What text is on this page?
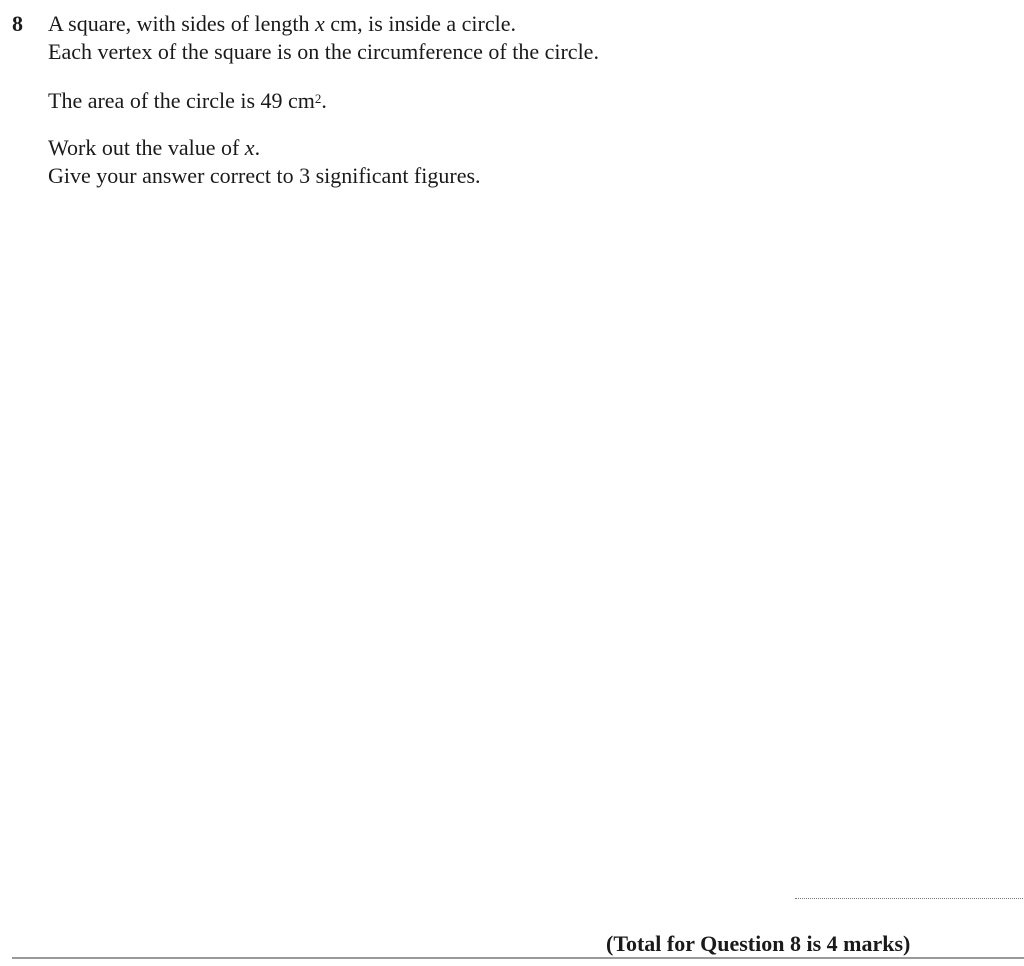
8 A square, with sides of length x cm, is inside a circle.
Each vertex of the square is on the circumference of the circle.
The area of the circle is 49 $cm^2$.
Work out the value of x.
Give your answer correct to 3 significant figures.
(Total for Question 8 is 4 marks)
